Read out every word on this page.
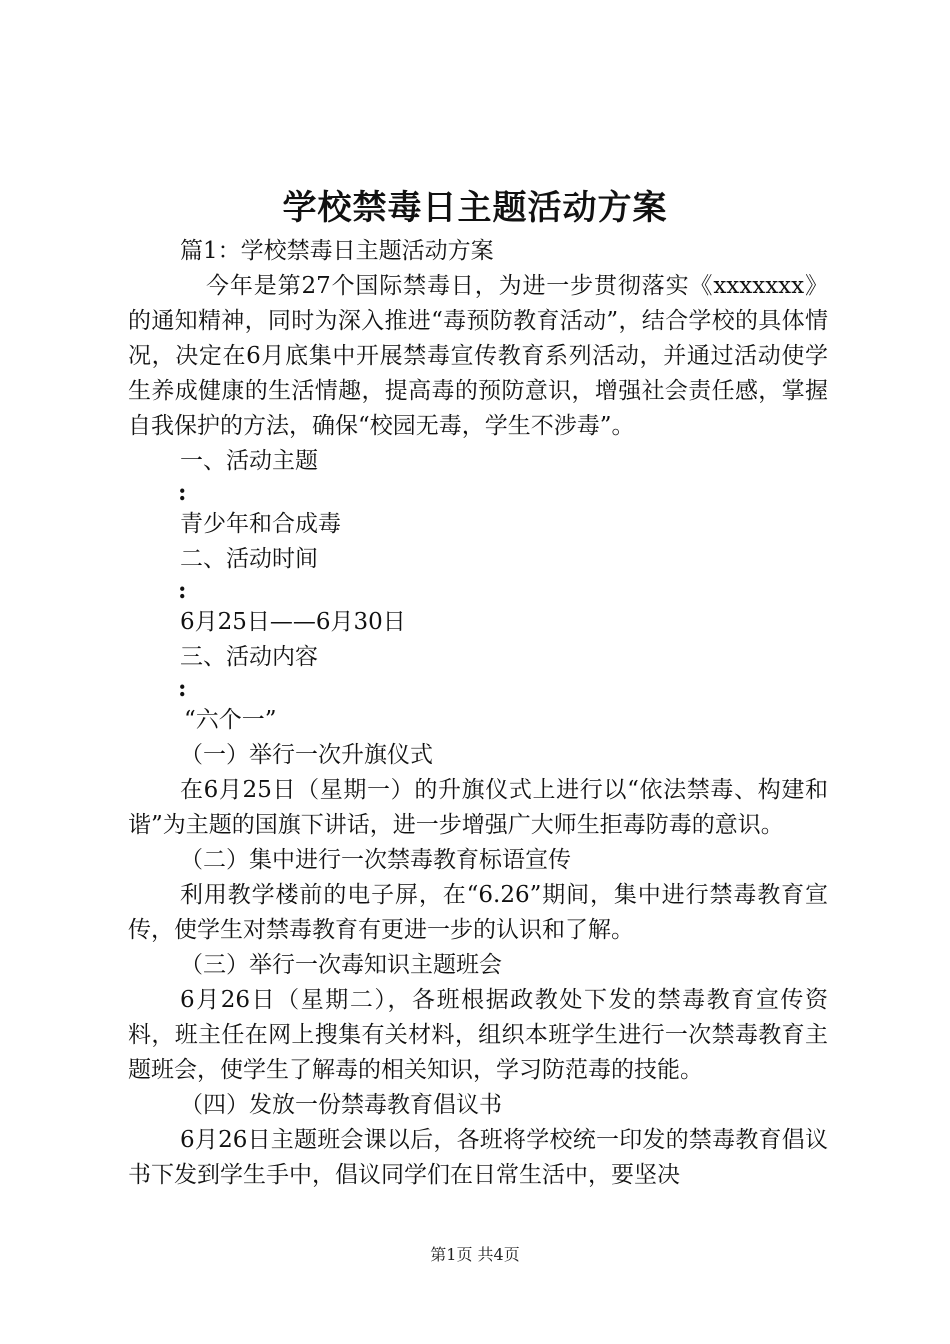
学校禁毒日主题活动方案

篇1：学校禁毒日主题活动方案

今年是第27个国际禁毒日，为进一步贯彻落实《xxxxxxx》的通知精神，同时为深入推进“毒预防教育活动”，结合学校的具体情况，决定在6月底集中开展禁毒宣传教育系列活动，并通过活动使学生养成健康的生活情趣，提高毒的预防意识，增强社会责任感，掌握自我保护的方法，确保“校园无毒，学生不涉毒”。

一、活动主题

:

青少年和合成毒

二、活动时间

:

6月25日——6月30日

三、活动内容

:

“六个一”

（一）举行一次升旗仪式

在6月25日（星期一）的升旗仪式上进行以“依法禁毒、构建和谐”为主题的国旗下讲话，进一步增强广大师生拒毒防毒的意识。

（二）集中进行一次禁毒教育标语宣传

利用教学楼前的电子屏，在“6.26”期间，集中进行禁毒教育宣传，使学生对禁毒教育有更进一步的认识和了解。

（三）举行一次毒知识主题班会

6月26日（星期二），各班根据政教处下发的禁毒教育宣传资料，班主任在网上搜集有关材料，组织本班学生进行一次禁毒教育主题班会，使学生了解毒的相关知识，学习防范毒的技能。

（四）发放一份禁毒教育倡议书

6月26日主题班会课以后，各班将学校统一印发的禁毒教育倡议书下发到学生手中，倡议同学们在日常生活中，要坚决

第1页 共4页
